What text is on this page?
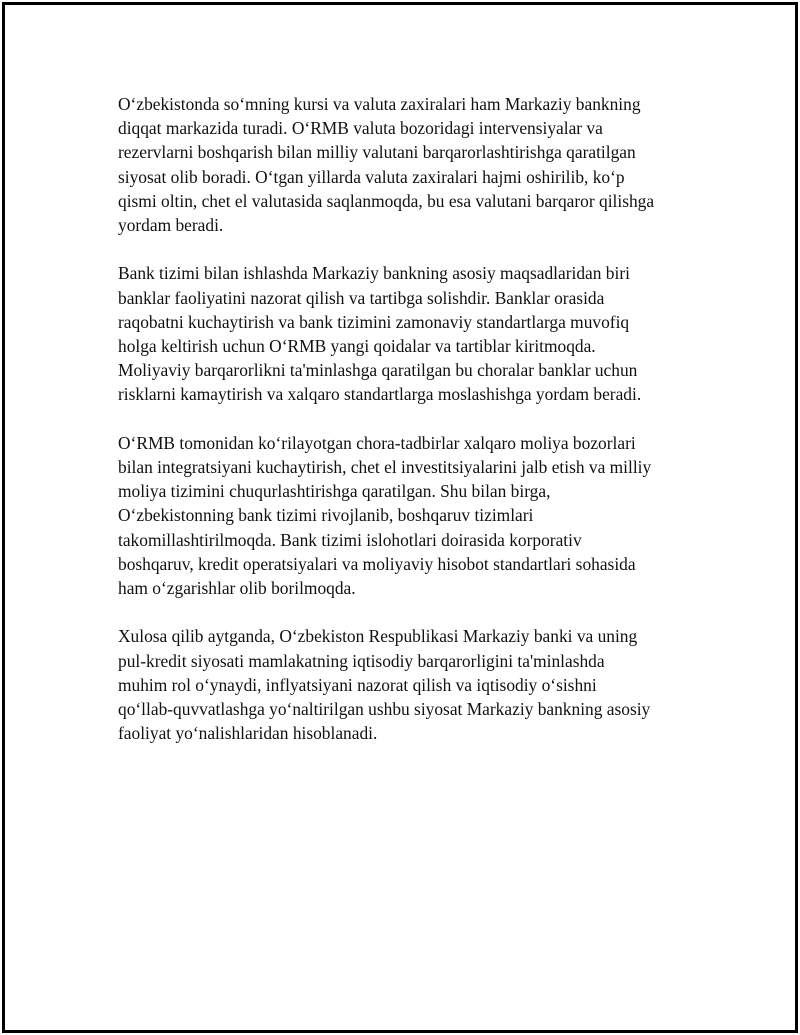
O‘zbekistonda so‘mning kursi va valuta zaxiralari ham Markaziy bankning
diqqat markazida turadi. O‘RMB valuta bozoridagi intervensiyalar va
rezervlarni boshqarish bilan milliy valutani barqarorlashtirishga qaratilgan
siyosat olib boradi. O‘tgan yillarda valuta zaxiralari hajmi oshirilib, ko‘p
qismi oltin, chet el valutasida saqlanmoqda, bu esa valutani barqaror qilishga
yordam beradi.

Bank tizimi bilan ishlashda Markaziy bankning asosiy maqsadlaridan biri
banklar faoliyatini nazorat qilish va tartibga solishdir. Banklar orasida
raqobatni kuchaytirish va bank tizimini zamonaviy standartlarga muvofiq
holga keltirish uchun O‘RMB yangi qoidalar va tartiblar kiritmoqda.
Moliyaviy barqarorlikni ta'minlashga qaratilgan bu choralar banklar uchun
risklarni kamaytirish va xalqaro standartlarga moslashishga yordam beradi.

O‘RMB tomonidan ko‘rilayotgan chora-tadbirlar xalqaro moliya bozorlari
bilan integratsiyani kuchaytirish, chet el investitsiyalarini jalb etish va milliy
moliya tizimini chuqurlashtirishga qaratilgan. Shu bilan birga,
O‘zbekistonning bank tizimi rivojlanib, boshqaruv tizimlari
takomillashtirilmoqda. Bank tizimi islohotlari doirasida korporativ
boshqaruv, kredit operatsiyalari va moliyaviy hisobot standartlari sohasida
ham o‘zgarishlar olib borilmoqda.

Xulosa qilib aytganda, O‘zbekiston Respublikasi Markaziy banki va uning
pul-kredit siyosati mamlakatning iqtisodiy barqarorligini ta'minlashda
muhim rol o‘ynaydi, inflyatsiyani nazorat qilish va iqtisodiy o‘sishni
qo‘llab-quvvatlashga yo‘naltirilgan ushbu siyosat Markaziy bankning asosiy
faoliyat yo‘nalishlaridan hisoblanadi.
